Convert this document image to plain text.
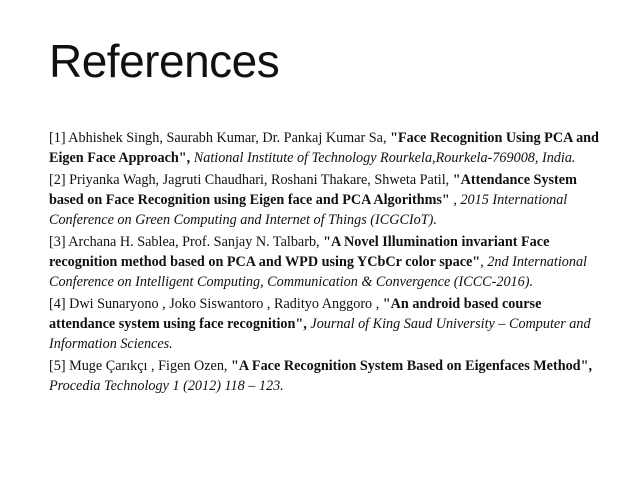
References
[1] Abhishek Singh, Saurabh Kumar, Dr. Pankaj Kumar Sa, "Face Recognition Using PCA and Eigen Face Approach", National Institute of Technology Rourkela,Rourkela-769008, India.
[2] Priyanka Wagh, Jagruti Chaudhari, Roshani Thakare, Shweta Patil, "Attendance System based on Face Recognition using Eigen face and PCA Algorithms" , 2015 International Conference on Green Computing and Internet of Things (ICGCIoT).
[3] Archana H. Sablea, Prof. Sanjay N. Talbarb, "A Novel Illumination invariant Face recognition method based on PCA and WPD using YCbCr color space", 2nd International Conference on Intelligent Computing, Communication & Convergence (ICCC-2016).
[4] Dwi Sunaryono , Joko Siswantoro , Radityo Anggoro , "An android based course attendance system using face recognition", Journal of King Saud University – Computer and Information Sciences.
[5] Muge Çarıkçı , Figen Ozen, "A Face Recognition System Based on Eigenfaces Method", Procedia Technology 1 (2012) 118 – 123.
